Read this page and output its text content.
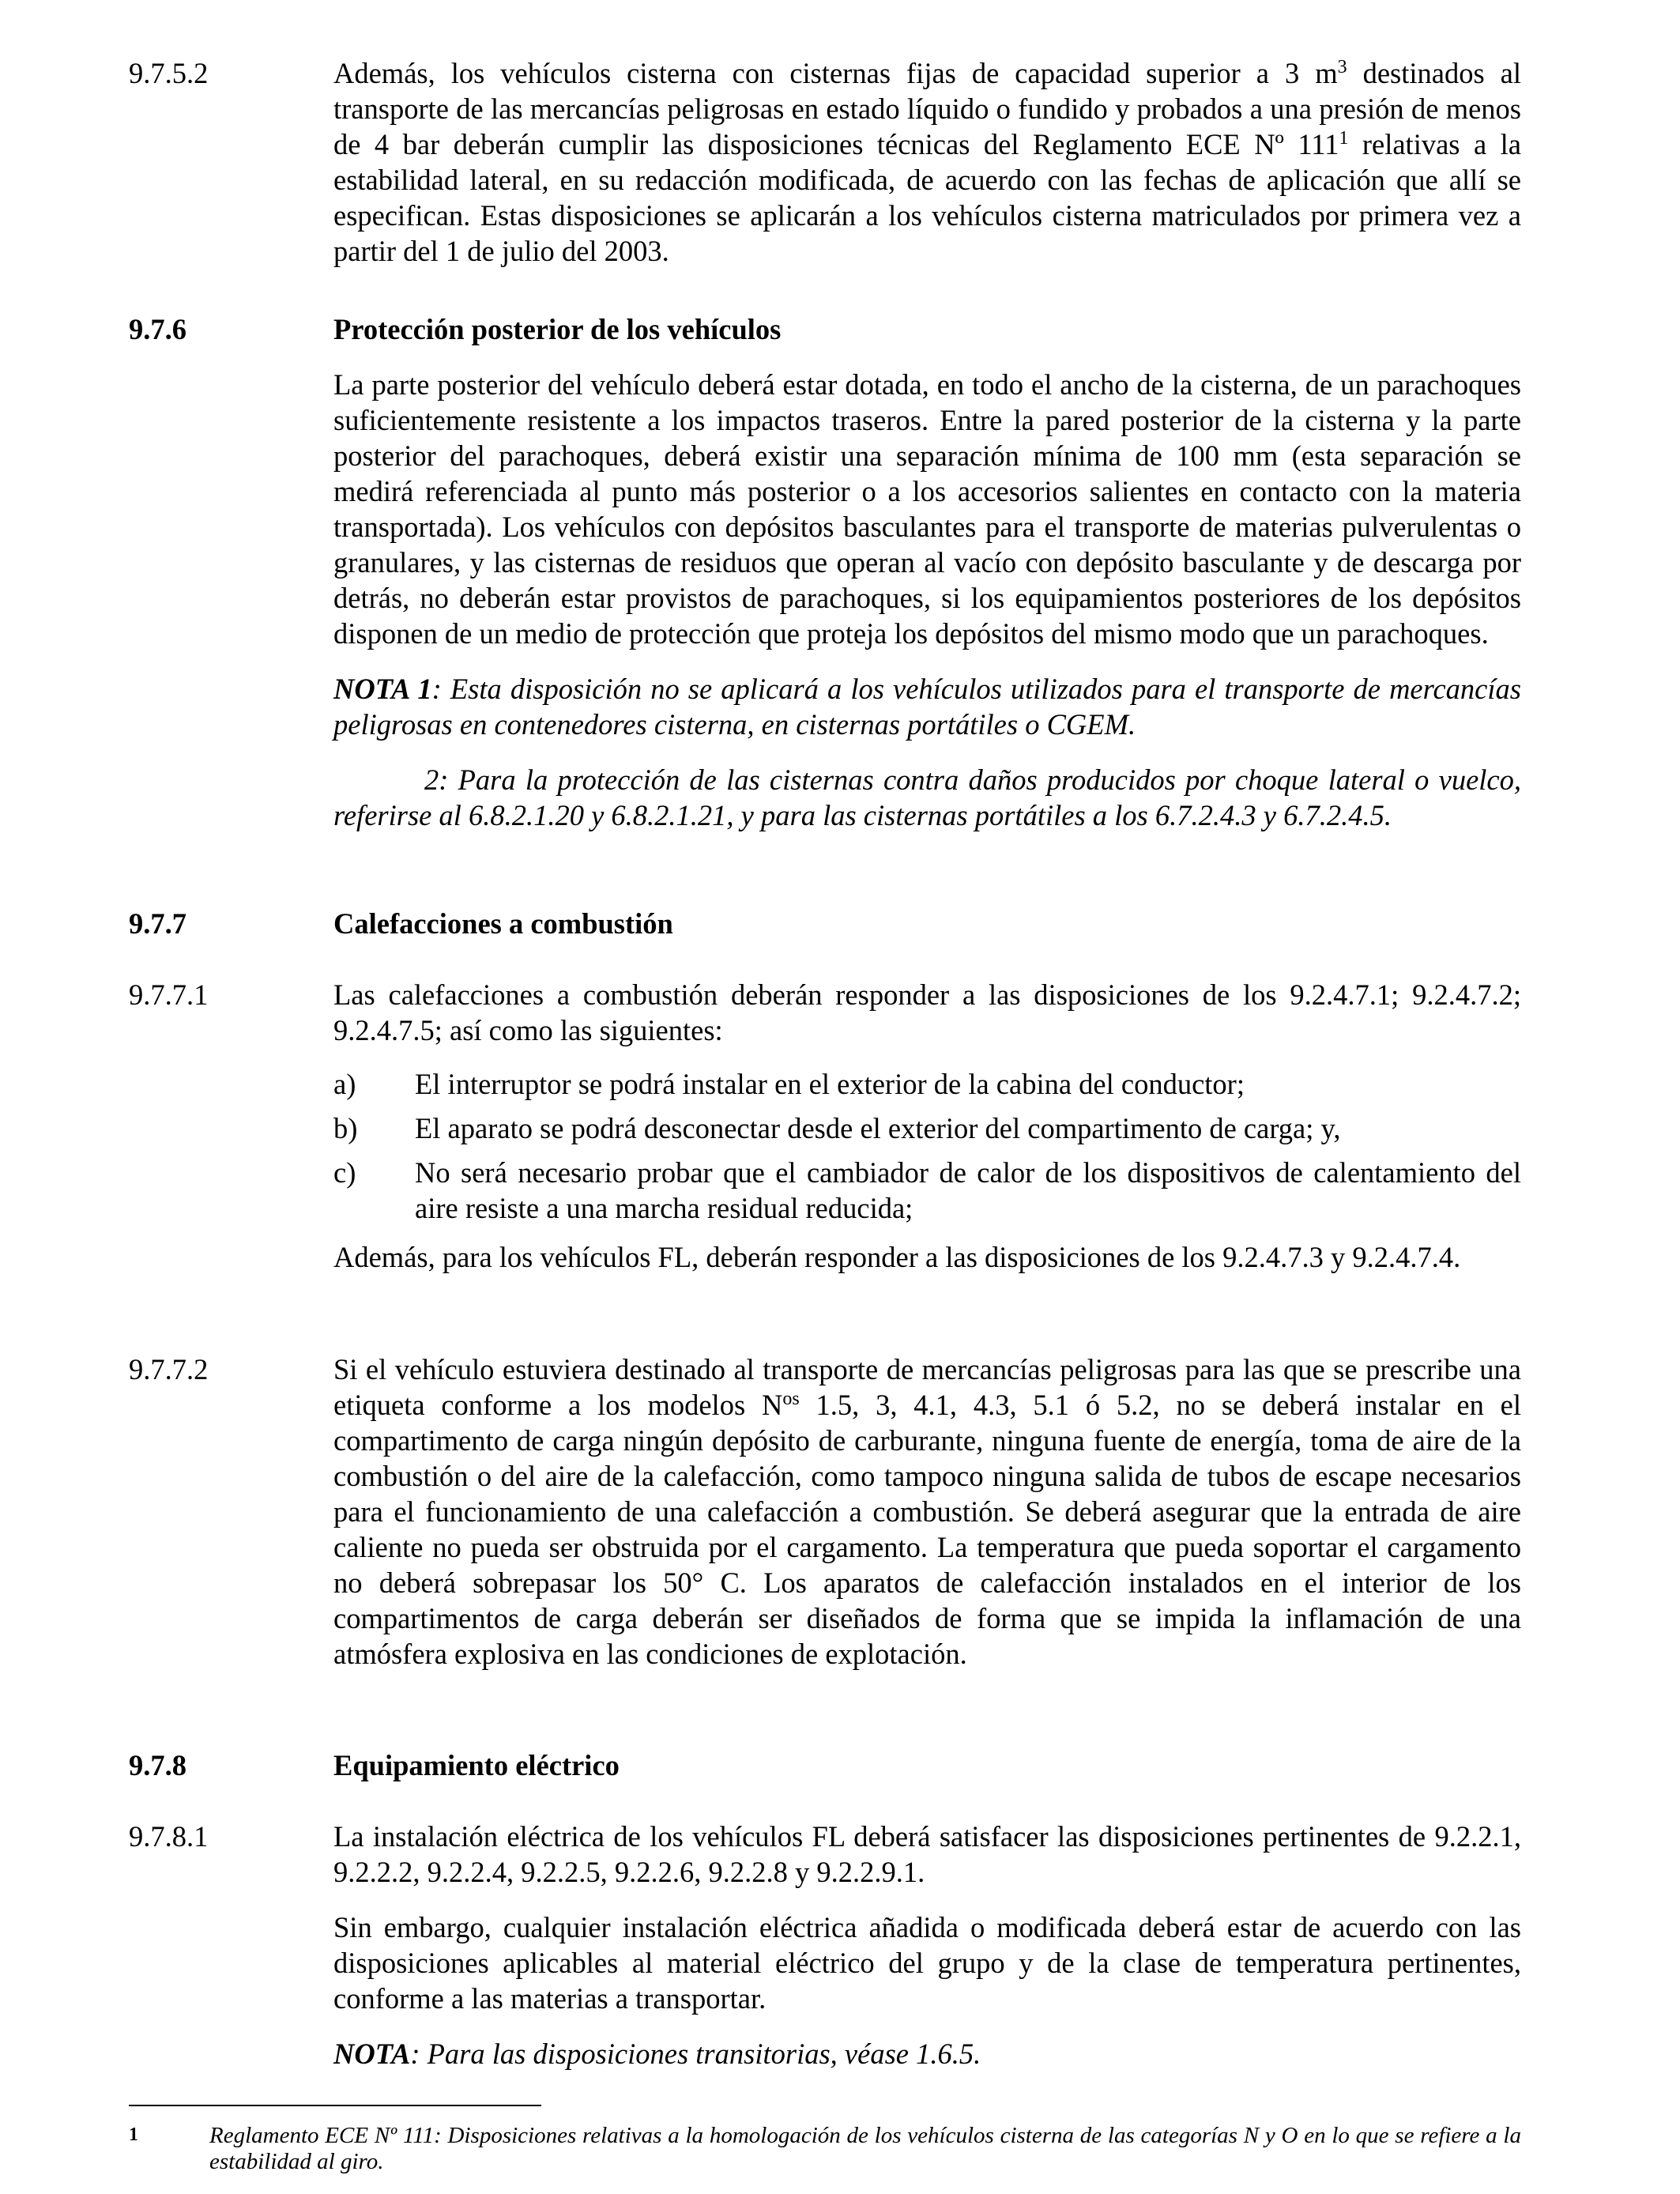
9.7.5.2	Además, los vehículos cisterna con cisternas fijas de capacidad superior a 3 $m^3$ destinados al transporte de las mercancías peligrosas en estado líquido o fundido y probados a una presión de menos de 4 bar deberán cumplir las disposiciones técnicas del Reglamento ECE Nº $111^1$ relativas a la estabilidad lateral, en su redacción modificada, de acuerdo con las fechas de aplicación que allí se especifican. Estas disposiciones se aplicarán a los vehículos cisterna matriculados por primera vez a partir del 1 de julio del 2003.

9.7.6	Protección posterior de los vehículos

La parte posterior del vehículo deberá estar dotada, en todo el ancho de la cisterna, de un parachoques suficientemente resistente a los impactos traseros. Entre la pared posterior de la cisterna y la parte posterior del parachoques, deberá existir una separación mínima de 100 mm (esta separación se medirá referenciada al punto más posterior o a los accesorios salientes en contacto con la materia transportada). Los vehículos con depósitos basculantes para el transporte de materias pulverulentas o granulares, y las cisternas de residuos que operan al vacío con depósito basculante y de descarga por detrás, no deberán estar provistos de parachoques, si los equipamientos posteriores de los depósitos disponen de un medio de protección que proteja los depósitos del mismo modo que un parachoques.

NOTA 1: Esta disposición no se aplicará a los vehículos utilizados para el transporte de mercancías peligrosas en contenedores cisterna, en cisternas portátiles o CGEM.

2: Para la protección de las cisternas contra daños producidos por choque lateral o vuelco, referirse al 6.8.2.1.20 y 6.8.2.1.21, y para las cisternas portátiles a los 6.7.2.4.3 y 6.7.2.4.5.

9.7.7	Calefacciones a combustión
9.7.7.1	Las calefacciones a combustión deberán responder a las disposiciones de los 9.2.4.7.1; 9.2.4.7.2; 9.2.4.7.5; así como las siguientes:
a) El interruptor se podrá instalar en el exterior de la cabina del conductor;
b) El aparato se podrá desconectar desde el exterior del compartimento de carga; y,
c) No será necesario probar que el cambiador de calor de los dispositivos de calentamiento del aire resiste a una marcha residual reducida;
Además, para los vehículos FL, deberán responder a las disposiciones de los 9.2.4.7.3 y 9.2.4.7.4.
9.7.7.2	Si el vehículo estuviera destinado al transporte de mercancías peligrosas para las que se prescribe una etiqueta conforme a los modelos $N^{os}$ 1.5, 3, 4.1, 4.3, 5.1 ó 5.2, no se deberá instalar en el compartimento de carga ningún depósito de carburante, ninguna fuente de energía, toma de aire de la combustión o del aire de la calefacción, como tampoco ninguna salida de tubos de escape necesarios para el funcionamiento de una calefacción a combustión. Se deberá asegurar que la entrada de aire caliente no pueda ser obstruida por el cargamento. La temperatura que pueda soportar el cargamento no deberá sobrepasar los 50° C. Los aparatos de calefacción instalados en el interior de los compartimentos de carga deberán ser diseñados de forma que se impida la inflamación de una atmósfera explosiva en las condiciones de explotación.

9.7.8	Equipamiento eléctrico
9.7.8.1	La instalación eléctrica de los vehículos FL deberá satisfacer las disposiciones pertinentes de 9.2.2.1, 9.2.2.2, 9.2.2.4, 9.2.2.5, 9.2.2.6, 9.2.2.8 y 9.2.2.9.1.

Sin embargo, cualquier instalación eléctrica añadida o modificada deberá estar de acuerdo con las disposiciones aplicables al material eléctrico del grupo y de la clase de temperatura pertinentes, conforme a las materias a transportar.

NOTA: Para las disposiciones transitorias, véase 1.6.5.

1	Reglamento ECE Nº 111: Disposiciones relativas a la homologación de los vehículos cisterna de las categorías N y O en lo que se refiere a la estabilidad al giro.
